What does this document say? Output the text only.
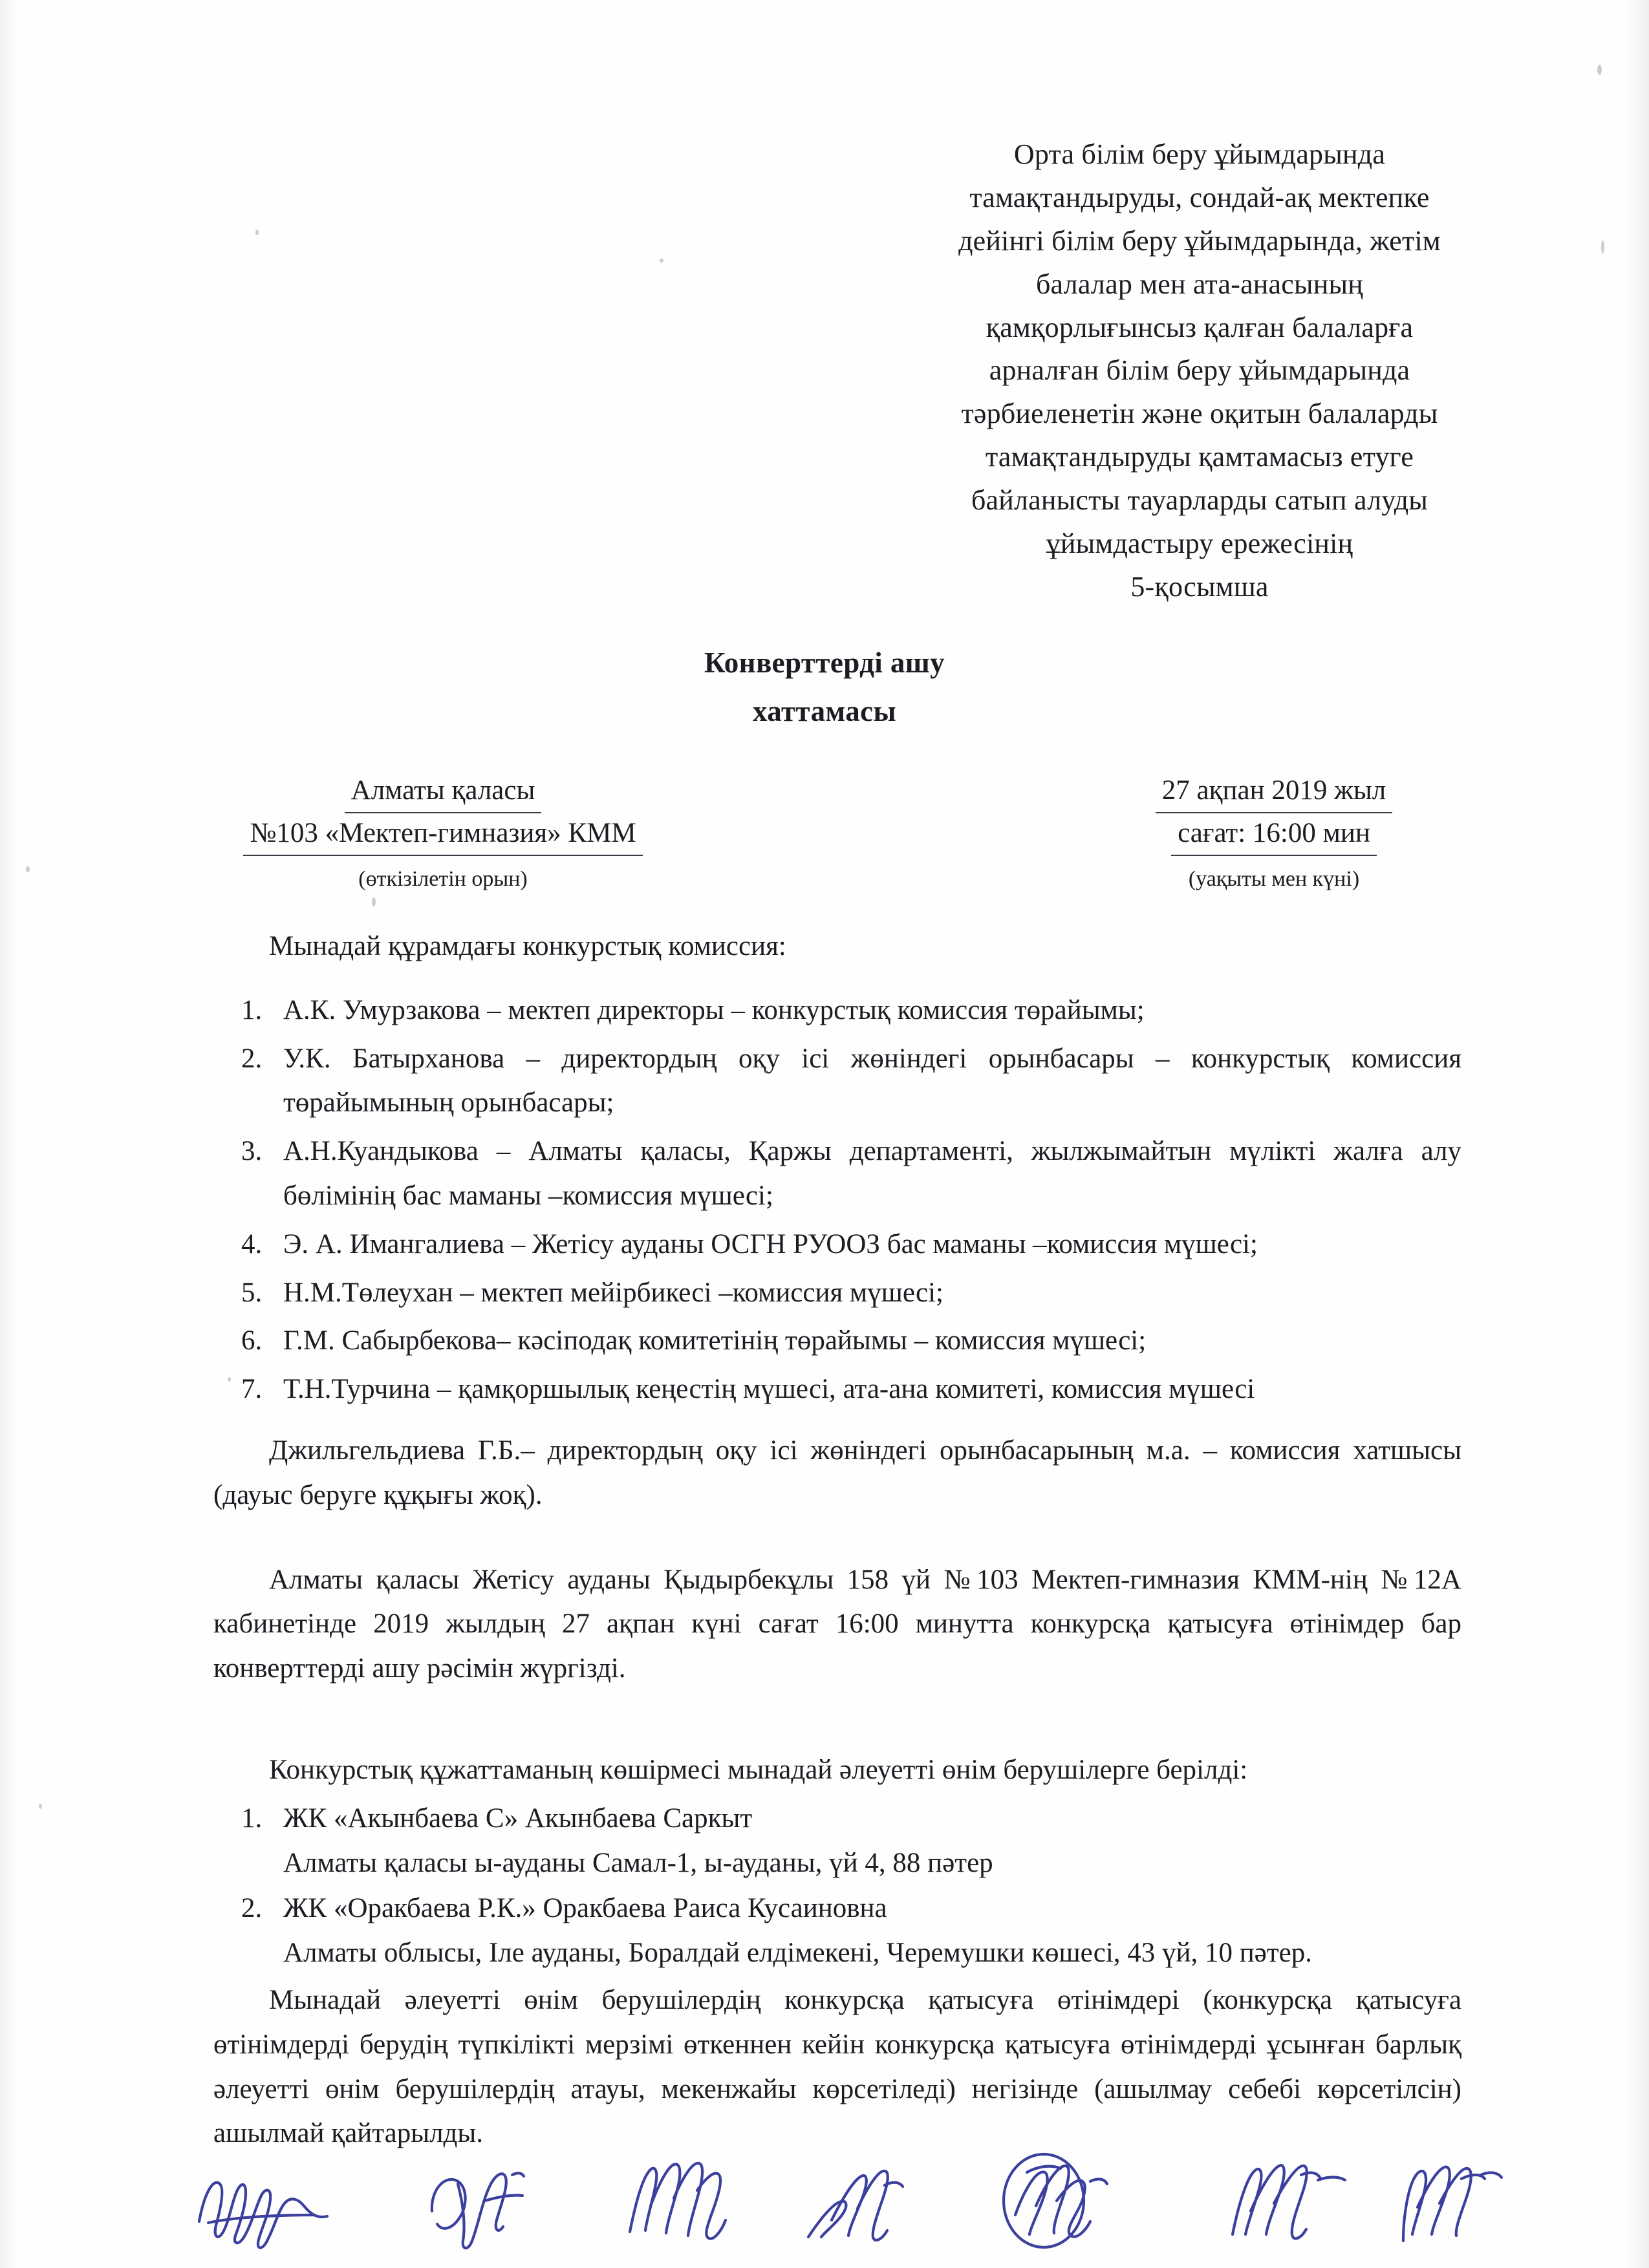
Орта білім беру ұйымдарында
тамақтандыруды, сондай-ақ мектепке
дейінгі білім беру ұйымдарында, жетім
балалар мен ата-анасының
қамқорлығынсыз қалған балаларға
арналған білім беру ұйымдарында
тәрбиеленетін және оқитын балаларды
тамақтандыруды қамтамасыз етуге
байланысты тауарларды сатып алуды
ұйымдастыру ережесінің
5-қосымша
Конверттерді ашу
хаттамасы
Алматы қаласы
№103 «Мектеп-гимназия» КММ
(өткізілетін орын)
27 ақпан 2019 жыл
сағат: 16:00 мин
(уақыты мен күні)

Мынадай құрамдағы конкурстық комиссия:

1. А.К. Умурзакова – мектеп директоры – конкурстық комиссия төрайымы;
2. У.К. Батырханова – директордың оқу ісі жөніндегі орынбасары – конкурстық комиссия төрайымының орынбасары;
3. А.Н.Куандыкова – Алматы қаласы, Қаржы департаменті, жылжымайтын мүлікті жалға алу бөлімінің бас маманы –комиссия мүшесі;
4. Э. А. Имангалиева – Жетісу ауданы ОСГН РУООЗ бас маманы –комиссия мүшесі;
5. Н.М.Төлеухан – мектеп мейірбикесі –комиссия мүшесі;
6. Г.М. Сабырбекова– кәсіподақ комитетінің төрайымы – комиссия мүшесі;
7. Т.Н.Турчина – қамқоршылық кеңестің мүшесі, ата-ана комитеті, комиссия мүшесі

Джильгельдиева Г.Б.– директордың оқу ісі жөніндегі орынбасарының м.а. – комиссия хатшысы (дауыс беруге құқығы жоқ).

Алматы қаласы Жетісу ауданы Қыдырбекұлы 158 үй №103 Мектеп-гимназия КММ-нің №12А кабинетінде 2019 жылдың 27 ақпан күні сағат 16:00 минутта конкурсқа қатысуға өтінімдер бар конверттерді ашу рәсімін жүргізді.

Конкурстық құжаттаманың көшірмесі мынадай әлеуетті өнім берушілерге берілді:

1. ЖК «Акынбаева С» Акынбаева Саркыт
Алматы қаласы ы-ауданы Самал-1, ы-ауданы, үй 4, 88 пәтер
2. ЖК «Оракбаева Р.К.» Оракбаева Раиса Кусаиновна
Алматы облысы, Іле ауданы, Боралдай елдімекені, Черемушки көшесі, 43 үй, 10 пәтер.

Мынадай әлеуетті өнім берушілердің конкурсқа қатысуға өтінімдері (конкурсқа қатысуға өтінімдерді берудің түпкілікті мерзімі өткеннен кейін конкурсқа қатысуға өтінімдерді ұсынған барлық әлеуетті өнім берушілердің атауы, мекенжайы көрсетіледі) негізінде (ашылмау себебі көрсетілсін) ашылмай қайтарылды.
